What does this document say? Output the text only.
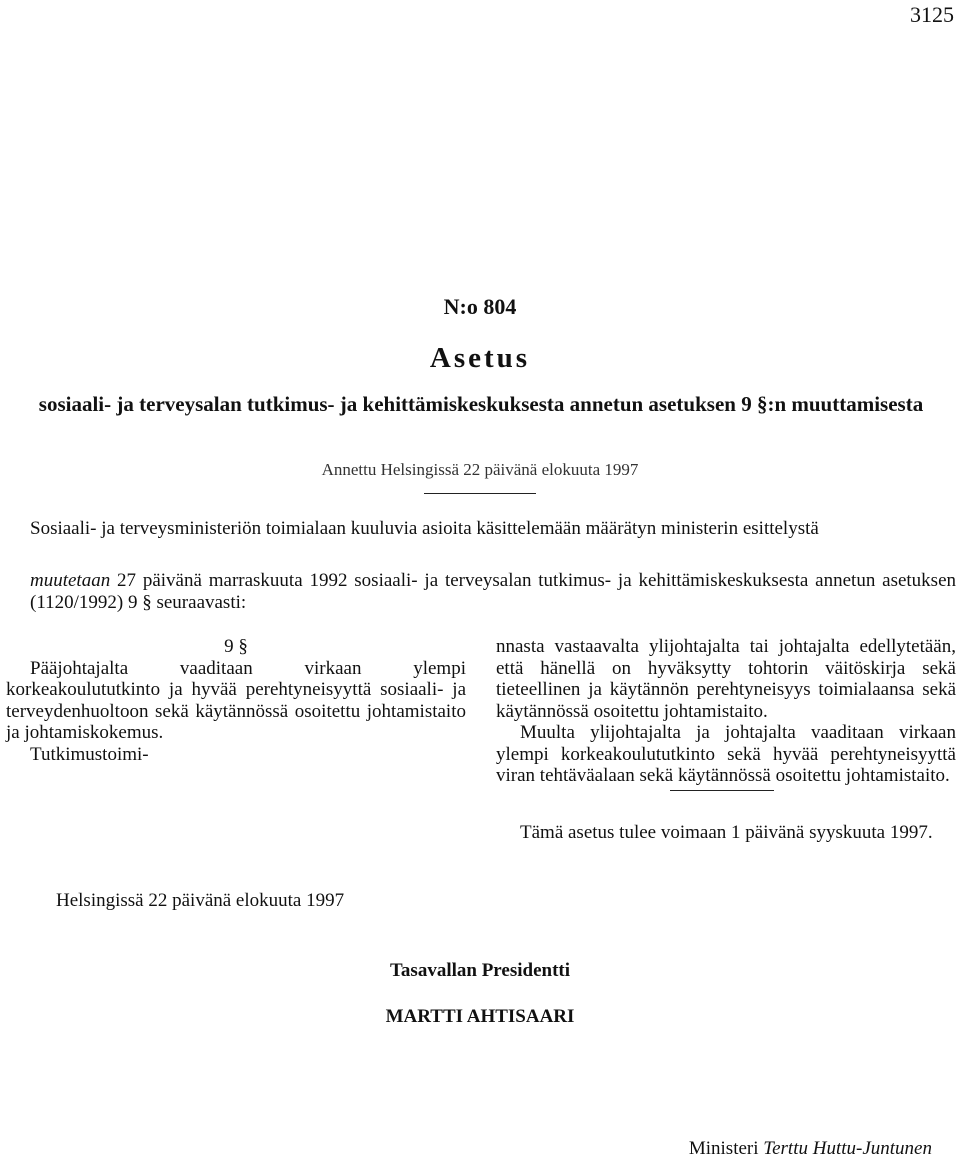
3125
N:o 804
Asetus
sosiaali- ja terveysalan tutkimus- ja kehittämiskeskuksesta annetun asetuksen 9 §:n muuttamisesta
Annettu Helsingissä 22 päivänä elokuuta 1997
Sosiaali- ja terveysministeriön toimialaan kuuluvia asioita käsittelemään määrätyn ministerin esittelystä
muutetaan 27 päivänä marraskuuta 1992 sosiaali- ja terveysalan tutkimus- ja kehittämiskeskuksesta annetun asetuksen (1120/1992) 9 § seuraavasti:

9 §

Pääjohtajalta vaaditaan virkaan ylempi korkeakoulututkinto ja hyvää perehtyneisyyttä sosiaali- ja terveydenhuoltoon sekä käytännössä osoitettu johtamistaito ja johtamiskokemus.

Tutkimustoimi-

nnasta vastaavalta ylijohtajalta tai johtajalta edellytetään, että hänellä on hyväksytty tohtorin väitöskirja sekä tieteellinen ja käytännön perehtyneisyys toimialaansa sekä käytännössä osoitettu johtamistaito.

Muulta ylijohtajalta ja johtajalta vaaditaan virkaan ylempi korkeakoulututkinto sekä hyvää perehtyneisyyttä viran tehtäväalaan sekä käytännössä osoitettu johtamistaito.

Tämä asetus tulee voimaan 1 päivänä syyskuuta 1997.
Helsingissä 22 päivänä elokuuta 1997
Tasavallan Presidentti
MARTTI AHTISAARI
Ministeri Terttu Huttu-Juntunen
